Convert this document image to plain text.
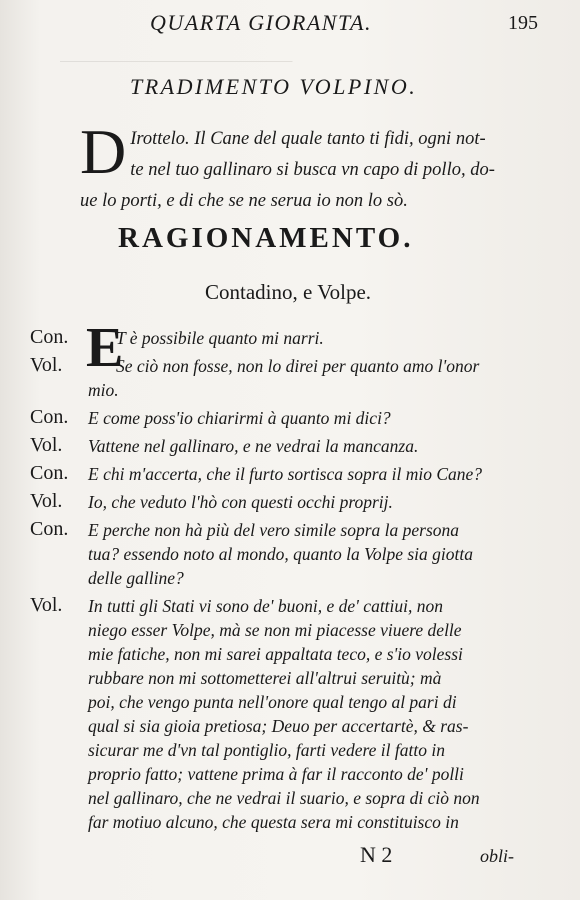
_______________________________
QUARTA GIORANTA.	195
TRADIMENTO VOLPINO.
D Irottelo. Il Cane del quale tanto ti fidi, ogni not-
te nel tuo gallinaro si busca vn capo di pollo, do-
ue lo porti, e di che se ne serua io non lo sò.
RAGIONAMENTO.
Contadino, e Volpe.
Con. E
T è possibile quanto mi narri.
Vol.	Se ciò non fosse, non lo direi per quanto amo l'onor
mio.
Con. E come poss'io chiarirmi à quanto mi dici?
Vol. Vattene nel gallinaro, e ne vedrai la mancanza.
Con. E chi m'accerta, che il furto sortisca sopra il mio Cane?
Vol. Io, che veduto l'hò con questi occhi proprij.
Con. E perche non hà più del vero simile sopra la persona
tua? essendo noto al mondo, quanto la Volpe sia giotta
delle galline?
Vol. In tutti gli Stati vi sono de' buoni, e de' cattiui, non
niego esser Volpe, mà se non mi piacesse viuere delle
mie fatiche, non mi sarei appaltata teco, e s'io volessi
rubbare non mi sottometterei all'altrui seruitù; mà
poi, che vengo punta nell'onore qual tengo al pari di
qual si sia gioia pretiosa; Deuo per accertartè, & ras-
sicurar me d'vn tal pontiglio, farti vedere il fatto in
proprio fatto; vattene prima à far il racconto de' polli
nel gallinaro, che ne vedrai il suario, e sopra di ciò non
far motiuo alcuno, che questa sera mi constituisco in
N 2	obli-
